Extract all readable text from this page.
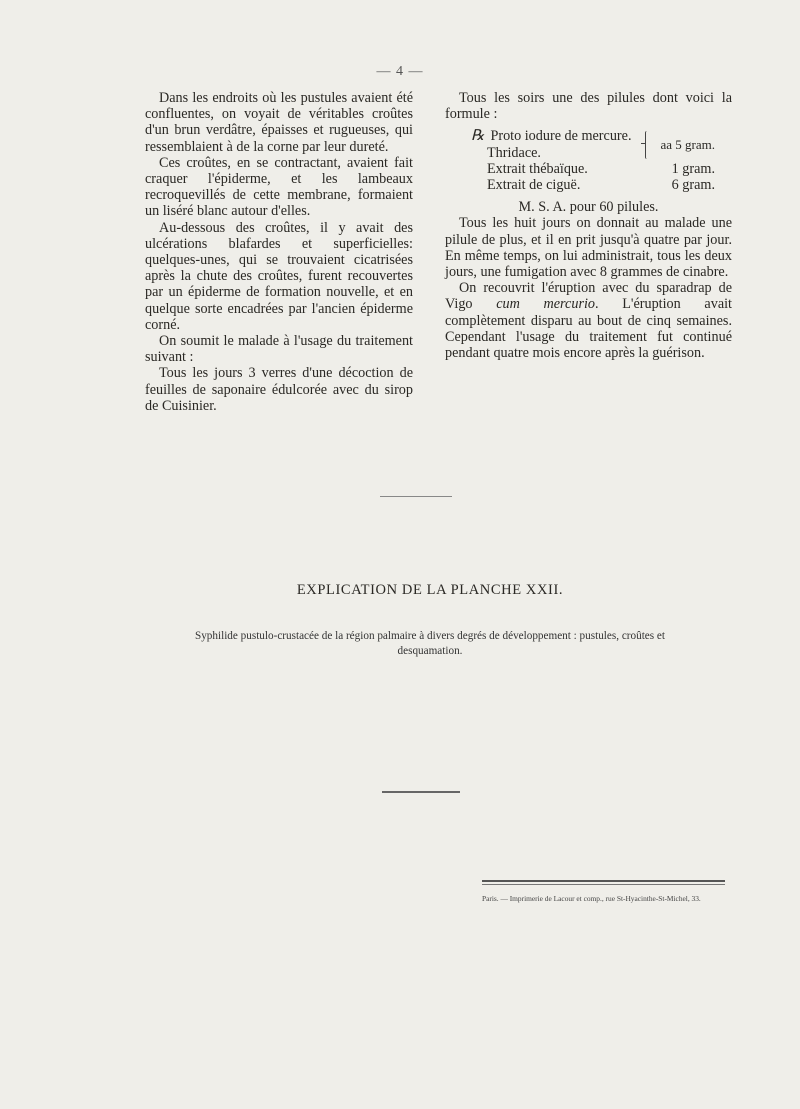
— 4 —

Dans les endroits où les pustules avaient été confluentes, on voyait de véritables croûtes d'un brun verdâtre, épaisses et rugueuses, qui ressemblaient à de la corne par leur dureté.

Ces croûtes, en se contractant, avaient fait craquer l'épiderme, et les lambeaux recroquevillés de cette membrane, formaient un liséré blanc autour d'elles.

Au-dessous des croûtes, il y avait des ulcérations blafardes et superficielles: quelques-unes, qui se trouvaient cicatrisées après la chute des croûtes, furent recouvertes par un épiderme de formation nouvelle, et en quelque sorte encadrées par l'ancien épiderme corné.

On soumit le malade à l'usage du traitement suivant :

Tous les jours 3 verres d'une décoction de feuilles de saponaire édulcorée avec du sirop de Cuisinier.

Tous les soirs une des pilules dont voici la formule :

℞ Proto iodure de mercure.
Thridace.
aa 5 gram.
Extrait thébaïque.	1 gram.
Extrait de ciguë.	6 gram.

M. S. A. pour 60 pilules.

Tous les huit jours on donnait au malade une pilule de plus, et il en prit jusqu'à quatre par jour. En même temps, on lui administrait, tous les deux jours, une fumigation avec 8 grammes de cinabre.

On recouvrit l'éruption avec du sparadrap de Vigo cum mercurio. L'éruption avait complètement disparu au bout de cinq semaines. Cependant l'usage du traitement fut continué pendant quatre mois encore après la guérison.

EXPLICATION DE LA PLANCHE XXII.
Syphilide pustulo-crustacée de la région palmaire à divers degrés de développement : pustules, croûtes et desquamation.
Paris. — Imprimerie de Lacour et comp., rue St-Hyacinthe-St-Michel, 33.
